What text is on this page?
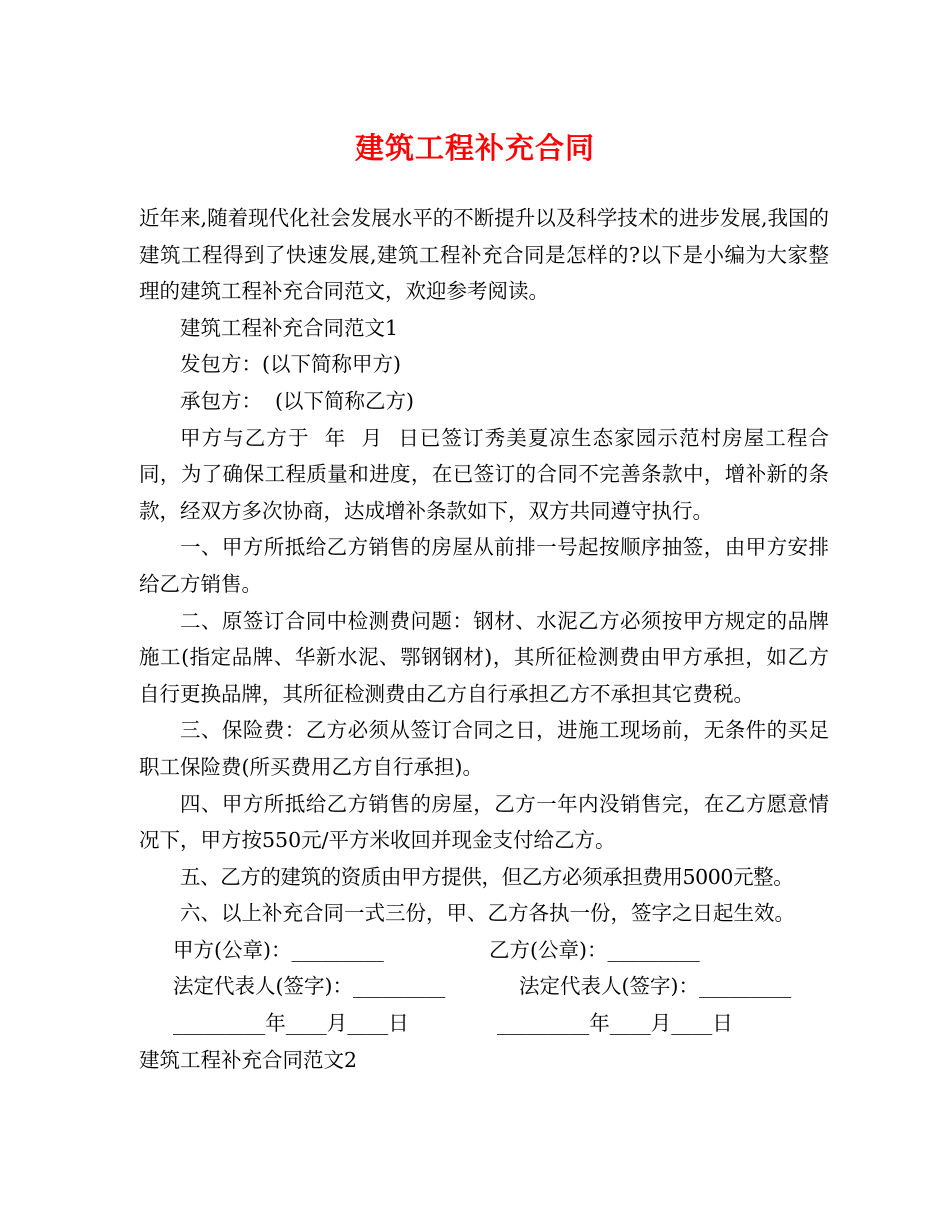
建筑工程补充合同

近年来,随着现代化社会发展水平的不断提升以及科学技术的进步发展,我国的建筑工程得到了快速发展,建筑工程补充合同是怎样的?以下是小编为大家整理的建筑工程补充合同范文，欢迎参考阅读。

建筑工程补充合同范文1

发包方：(以下简称甲方)

承包方：  (以下简称乙方)

甲方与乙方于  年  月  日已签订秀美夏凉生态家园示范村房屋工程合同，为了确保工程质量和进度，在已签订的合同不完善条款中，增补新的条款，经双方多次协商，达成增补条款如下，双方共同遵守执行。

一、甲方所抵给乙方销售的房屋从前排一号起按顺序抽签，由甲方安排给乙方销售。

二、原签订合同中检测费问题：钢材、水泥乙方必须按甲方规定的品牌施工(指定品牌、华新水泥、鄂钢钢材)，其所征检测费由甲方承担，如乙方自行更换品牌，其所征检测费由乙方自行承担乙方不承担其它费税。

三、保险费：乙方必须从签订合同之日，进施工现场前，无条件的买足职工保险费(所买费用乙方自行承担)。

四、甲方所抵给乙方销售的房屋，乙方一年内没销售完，在乙方愿意情况下，甲方按550元/平方米收回并现金支付给乙方。

五、乙方的建筑的资质由甲方提供，但乙方必须承担费用5000元整。

六、以上补充合同一式三份，甲、乙方各执一份，签字之日起生效。

甲方(公章)：_________

	乙方(公章)：_________

法定代表人(签字)：_________

	法定代表人(签字)：_________

_________年____月____日

	_________年____月____日

建筑工程补充合同范文2
